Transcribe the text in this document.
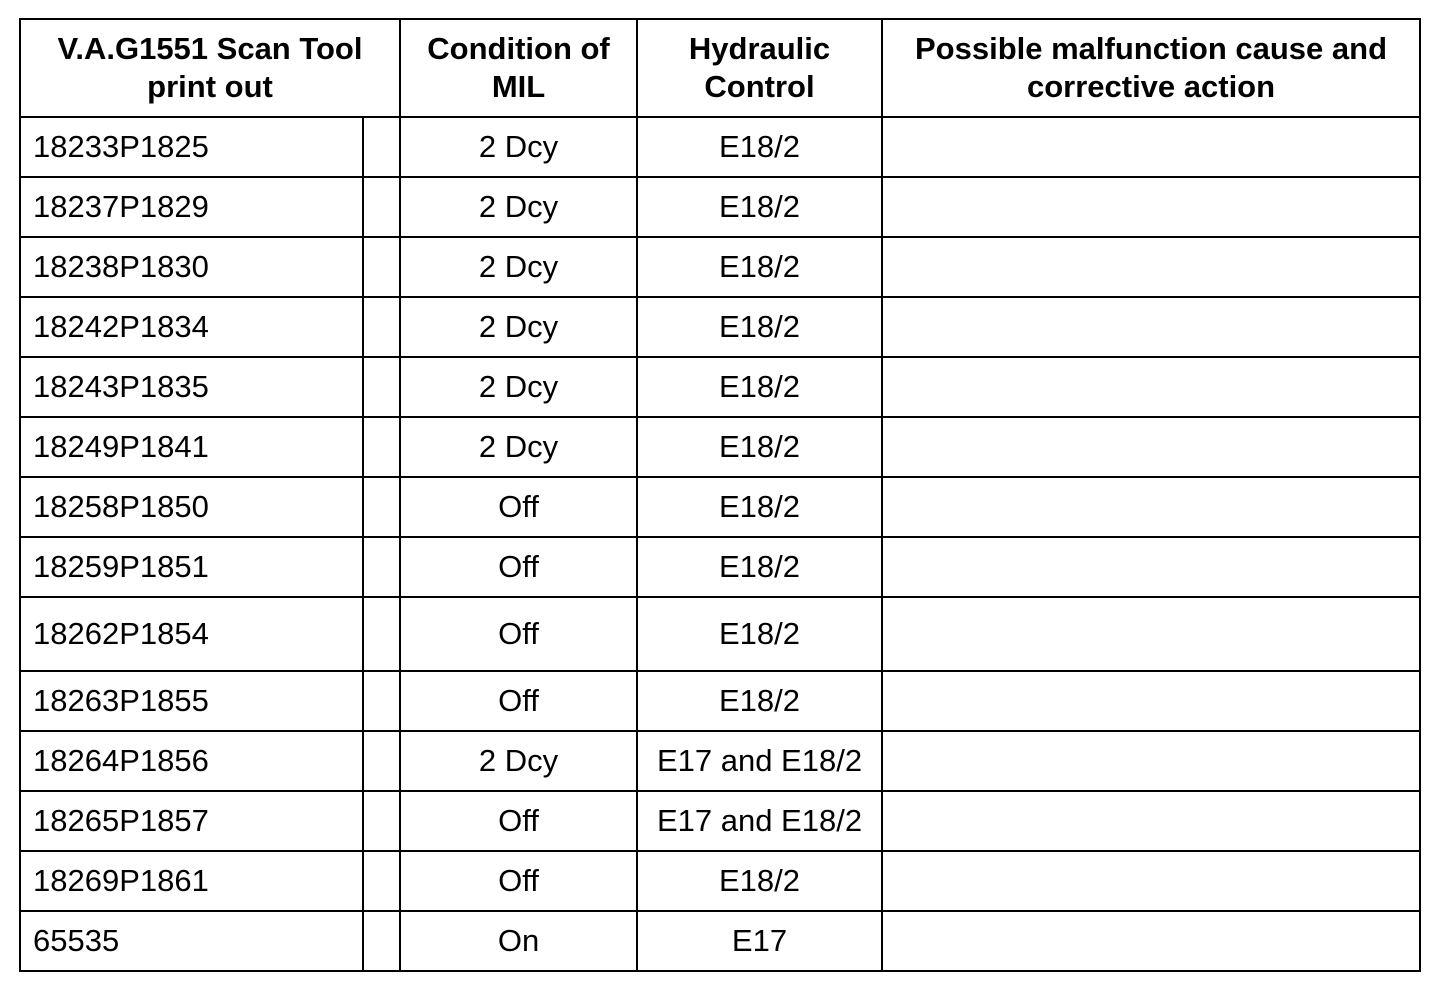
V.A.G1551 Scan Tool print out		Condition of MIL	Hydraulic Control	Possible malfunction cause and corrective action
18233P1825		2 Dcy	E18/2	
18237P1829		2 Dcy	E18/2	
18238P1830		2 Dcy	E18/2	
18242P1834		2 Dcy	E18/2	
18243P1835		2 Dcy	E18/2	
18249P1841		2 Dcy	E18/2	
18258P1850		Off	E18/2	
18259P1851		Off	E18/2	
18262P1854		Off	E18/2	
18263P1855		Off	E18/2	
18264P1856		2 Dcy	E17 and E18/2	
18265P1857		Off	E17 and E18/2	
18269P1861		Off	E18/2	
65535		On	E17	
